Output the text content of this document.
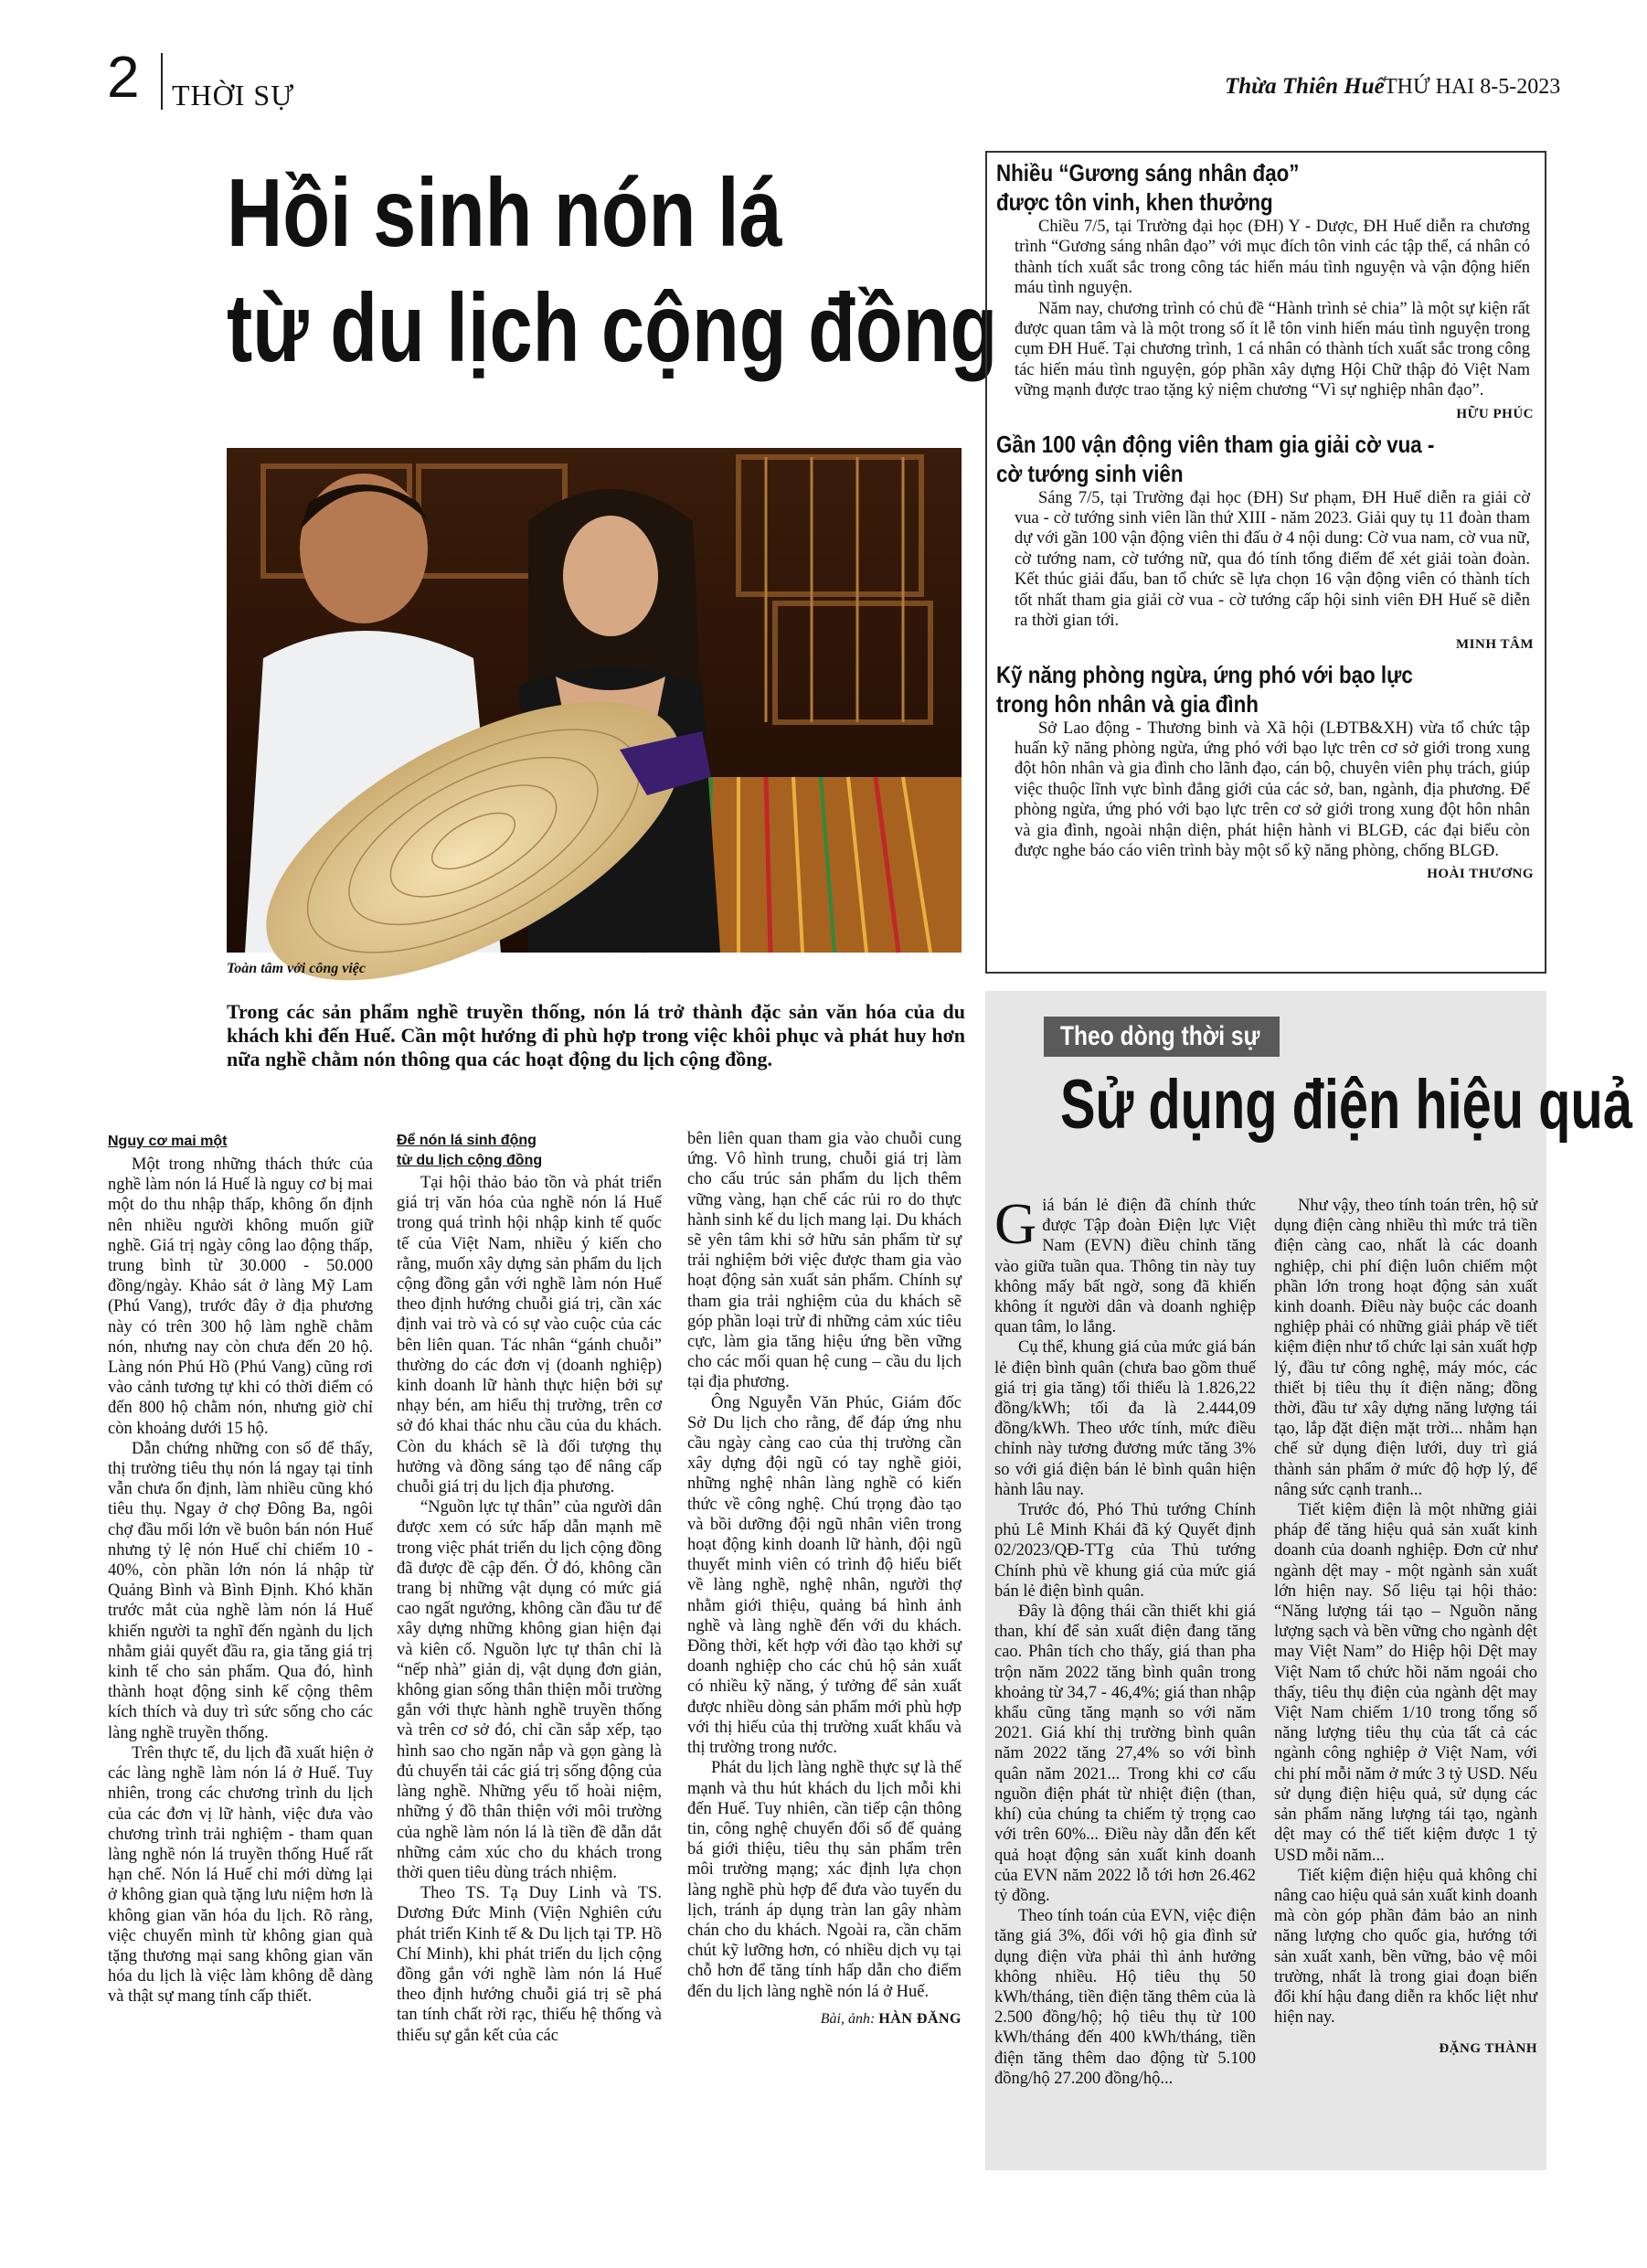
2 THỜI SỰ	Thừa Thiên Huế THỨ HAI 8-5-2023
Hồi sinh nón lá
từ du lịch cộng đồng
Toàn tâm với công việc
Trong các sản phẩm nghề truyền thống, nón lá trở thành đặc sản văn hóa của du khách khi đến Huế. Cần một hướng đi phù hợp trong việc khôi phục và phát huy hơn nữa nghề chằm nón thông qua các hoạt động du lịch cộng đồng.
Nguy cơ mai một

Một trong những thách thức của nghề làm nón lá Huế là nguy cơ bị mai một do thu nhập thấp, không ổn định nên nhiều người không muốn giữ nghề. Giá trị ngày công lao động thấp, trung bình từ 30.000 - 50.000 đồng/ngày. Khảo sát ở làng Mỹ Lam (Phú Vang), trước đây ở địa phương này có trên 300 hộ làm nghề chằm nón, nhưng nay còn chưa đến 20 hộ. Làng nón Phú Hồ (Phú Vang) cũng rơi vào cảnh tương tự khi có thời điểm có đến 800 hộ chằm nón, nhưng giờ chỉ còn khoảng dưới 15 hộ.

Dẫn chứng những con số để thấy, thị trường tiêu thụ nón lá ngay tại tỉnh vẫn chưa ổn định, làm nhiều cũng khó tiêu thụ. Ngay ở chợ Đông Ba, ngôi chợ đầu mối lớn về buôn bán nón Huế nhưng tỷ lệ nón Huế chỉ chiếm 10 - 40%, còn phần lớn nón lá nhập từ Quảng Bình và Bình Định. Khó khăn trước mắt của nghề làm nón lá Huế khiến người ta nghĩ đến ngành du lịch nhằm giải quyết đầu ra, gia tăng giá trị kinh tế cho sản phẩm. Qua đó, hình thành hoạt động sinh kế cộng thêm kích thích và duy trì sức sống cho các làng nghề truyền thống.

Trên thực tế, du lịch đã xuất hiện ở các làng nghề làm nón lá ở Huế. Tuy nhiên, trong các chương trình du lịch của các đơn vị lữ hành, việc đưa vào chương trình trải nghiệm - tham quan làng nghề nón lá truyền thống Huế rất hạn chế. Nón lá Huế chỉ mới dừng lại ở không gian quà tặng lưu niệm hơn là không gian văn hóa du lịch. Rõ ràng, việc chuyển mình từ không gian quà tặng thương mại sang không gian văn hóa du lịch là việc làm không dễ dàng và thật sự mang tính cấp thiết.

Để nón lá sinh động
từ du lịch cộng đồng

Tại hội thảo bảo tồn và phát triển giá trị văn hóa của nghề nón lá Huế trong quá trình hội nhập kinh tế quốc tế của Việt Nam, nhiều ý kiến cho rằng, muốn xây dựng sản phẩm du lịch cộng đồng gắn với nghề làm nón Huế theo định hướng chuỗi giá trị, cần xác định vai trò và có sự vào cuộc của các bên liên quan. Tác nhân “gánh chuỗi” thường do các đơn vị (doanh nghiệp) kinh doanh lữ hành thực hiện bởi sự nhạy bén, am hiểu thị trường, trên cơ sở đó khai thác nhu cầu của du khách. Còn du khách sẽ là đối tượng thụ hưởng và đồng sáng tạo để nâng cấp chuỗi giá trị du lịch địa phương.

“Nguồn lực tự thân” của người dân được xem có sức hấp dẫn mạnh mẽ trong việc phát triển du lịch cộng đồng đã được đề cập đến. Ở đó, không cần trang bị những vật dụng có mức giá cao ngất ngưởng, không cần đầu tư để xây dựng những không gian hiện đại và kiên cố. Nguồn lực tự thân chỉ là “nếp nhà” giản dị, vật dụng đơn giản, không gian sống thân thiện mỗi trường gắn với thực hành nghề truyền thống và trên cơ sở đó, chỉ cần sắp xếp, tạo hình sao cho ngăn nắp và gọn gàng là đủ chuyển tải các giá trị sống động của làng nghề. Những yếu tố hoài niệm, những ý đồ thân thiện với môi trường của nghề làm nón lá là tiền đề dẫn dắt những cảm xúc cho du khách trong thời quen tiêu dùng trách nhiệm.

Theo TS. Tạ Duy Linh và TS. Dương Đức Minh (Viện Nghiên cứu phát triển Kinh tế & Du lịch tại TP. Hồ Chí Minh), khi phát triển du lịch cộng đồng gắn với nghề làm nón lá Huế theo định hướng chuỗi giá trị sẽ phá tan tính chất rời rạc, thiếu hệ thống và thiếu sự gắn kết của các

bên liên quan tham gia vào chuỗi cung ứng. Vô hình trung, chuỗi giá trị làm cho cấu trúc sản phẩm du lịch thêm vững vàng, hạn chế các rủi ro do thực hành sinh kế du lịch mang lại. Du khách sẽ yên tâm khi sở hữu sản phẩm từ sự trải nghiệm bởi việc được tham gia vào hoạt động sản xuất sản phẩm. Chính sự tham gia trải nghiệm của du khách sẽ góp phần loại trừ đi những cảm xúc tiêu cực, làm gia tăng hiệu ứng bền vững cho các mối quan hệ cung – cầu du lịch tại địa phương.

Ông Nguyễn Văn Phúc, Giám đốc Sở Du lịch cho rằng, để đáp ứng nhu cầu ngày càng cao của thị trường cần xây dựng đội ngũ có tay nghề giỏi, những nghệ nhân làng nghề có kiến thức về công nghệ. Chú trọng đào tạo và bồi dưỡng đội ngũ nhân viên trong hoạt động kinh doanh lữ hành, đội ngũ thuyết minh viên có trình độ hiểu biết về làng nghề, nghệ nhân, người thợ nhằm giới thiệu, quảng bá hình ảnh nghề và làng nghề đến với du khách. Đồng thời, kết hợp với đào tạo khởi sự doanh nghiệp cho các chủ hộ sản xuất có nhiều kỹ năng, ý tưởng để sản xuất được nhiều dòng sản phẩm mới phù hợp với thị hiếu của thị trường xuất khẩu và thị trường trong nước.

Phát du lịch làng nghề thực sự là thế mạnh và thu hút khách du lịch mỗi khi đến Huế. Tuy nhiên, cần tiếp cận thông tin, công nghệ chuyển đổi số để quảng bá giới thiệu, tiêu thụ sản phẩm trên môi trường mạng; xác định lựa chọn làng nghề phù hợp để đưa vào tuyến du lịch, tránh áp dụng tràn lan gây nhàm chán cho du khách. Ngoài ra, cần chăm chút kỹ lưỡng hơn, có nhiều dịch vụ tại chỗ hơn để tăng tính hấp dẫn cho điểm đến du lịch làng nghề nón lá ở Huế.

Bài, ảnh: HÀN ĐĂNG
Nhiều “Gương sáng nhân đạo”
được tôn vinh, khen thưởng

Chiều 7/5, tại Trường đại học (ĐH) Y - Dược, ĐH Huế diễn ra chương trình “Gương sáng nhân đạo” với mục đích tôn vinh các tập thể, cá nhân có thành tích xuất sắc trong công tác hiến máu tình nguyện và vận động hiến máu tình nguyện.

Năm nay, chương trình có chủ đề “Hành trình sẻ chia” là một sự kiện rất được quan tâm và là một trong số ít lễ tôn vinh hiến máu tình nguyện trong cụm ĐH Huế. Tại chương trình, 1 cá nhân có thành tích xuất sắc trong công tác hiến máu tình nguyện, góp phần xây dựng Hội Chữ thập đỏ Việt Nam vững mạnh được trao tặng kỷ niệm chương “Vì sự nghiệp nhân đạo”.

HỮU PHÚC
Gần 100 vận động viên tham gia giải cờ vua -
cờ tướng sinh viên

Sáng 7/5, tại Trường đại học (ĐH) Sư phạm, ĐH Huế diễn ra giải cờ vua - cờ tướng sinh viên lần thứ XIII - năm 2023. Giải quy tụ 11 đoàn tham dự với gần 100 vận động viên thi đấu ở 4 nội dung: Cờ vua nam, cờ vua nữ, cờ tướng nam, cờ tướng nữ, qua đó tính tổng điểm để xét giải toàn đoàn. Kết thúc giải đấu, ban tổ chức sẽ lựa chọn 16 vận động viên có thành tích tốt nhất tham gia giải cờ vua - cờ tướng cấp hội sinh viên ĐH Huế sẽ diễn ra thời gian tới.

MINH TÂM
Kỹ năng phòng ngừa, ứng phó với bạo lực
trong hôn nhân và gia đình

Sở Lao động - Thương binh và Xã hội (LĐTB&XH) vừa tổ chức tập huấn kỹ năng phòng ngừa, ứng phó với bạo lực trên cơ sở giới trong xung đột hôn nhân và gia đình cho lãnh đạo, cán bộ, chuyên viên phụ trách, giúp việc thuộc lĩnh vực bình đẳng giới của các sở, ban, ngành, địa phương. Để phòng ngừa, ứng phó với bạo lực trên cơ sở giới trong xung đột hôn nhân và gia đình, ngoài nhận diện, phát hiện hành vi BLGĐ, các đại biểu còn được nghe báo cáo viên trình bày một số kỹ năng phòng, chống BLGĐ.

HOÀI THƯƠNG
Theo dòng thời sự
Sử dụng điện hiệu quả

Giá bán lẻ điện đã chính thức được Tập đoàn Điện lực Việt Nam (EVN) điều chỉnh tăng vào giữa tuần qua. Thông tin này tuy không mấy bất ngờ, song đã khiến không ít người dân và doanh nghiệp quan tâm, lo lắng.

Cụ thể, khung giá của mức giá bán lẻ điện bình quân (chưa bao gồm thuế giá trị gia tăng) tối thiểu là 1.826,22 đồng/kWh; tối đa là 2.444,09 đồng/kWh. Theo ước tính, mức điều chỉnh này tương đương mức tăng 3% so với giá điện bán lẻ bình quân hiện hành lâu nay.

Trước đó, Phó Thủ tướng Chính phủ Lê Minh Khái đã ký Quyết định 02/2023/QĐ-TTg của Thủ tướng Chính phủ về khung giá của mức giá bán lẻ điện bình quân.

Đây là động thái cần thiết khi giá than, khí để sản xuất điện đang tăng cao. Phân tích cho thấy, giá than pha trộn năm 2022 tăng bình quân trong khoảng từ 34,7 - 46,4%; giá than nhập khẩu cũng tăng mạnh so với năm 2021. Giá khí thị trường bình quân năm 2022 tăng 27,4% so với bình quân năm 2021... Trong khi cơ cấu nguồn điện phát từ nhiệt điện (than, khí) của chúng ta chiếm tỷ trọng cao với trên 60%... Điều này dẫn đến kết quả hoạt động sản xuất kinh doanh của EVN năm 2022 lỗ tới hơn 26.462 tỷ đồng.

Theo tính toán của EVN, việc điện tăng giá 3%, đối với hộ gia đình sử dụng điện vừa phải thì ảnh hưởng không nhiều. Hộ tiêu thụ 50 kWh/tháng, tiền điện tăng thêm của là 2.500 đồng/hộ; hộ tiêu thụ từ 100 kWh/tháng đến 400 kWh/tháng, tiền điện tăng thêm dao động từ 5.100 đồng/hộ 27.200 đồng/hộ...

Như vậy, theo tính toán trên, hộ sử dụng điện càng nhiều thì mức trả tiền điện càng cao, nhất là các doanh nghiệp, chi phí điện luôn chiếm một phần lớn trong hoạt động sản xuất kinh doanh. Điều này buộc các doanh nghiệp phải có những giải pháp về tiết kiệm điện như tổ chức lại sản xuất hợp lý, đầu tư công nghệ, máy móc, các thiết bị tiêu thụ ít điện năng; đồng thời, đầu tư xây dựng năng lượng tái tạo, lắp đặt điện mặt trời... nhằm hạn chế sử dụng điện lưới, duy trì giá thành sản phẩm ở mức độ hợp lý, để nâng sức cạnh tranh...

Tiết kiệm điện là một những giải pháp để tăng hiệu quả sản xuất kinh doanh của doanh nghiệp. Đơn cử như ngành dệt may - một ngành sản xuất lớn hiện nay. Số liệu tại hội thảo: “Năng lượng tái tạo – Nguồn năng lượng sạch và bền vững cho ngành dệt may Việt Nam” do Hiệp hội Dệt may Việt Nam tổ chức hồi năm ngoái cho thấy, tiêu thụ điện của ngành dệt may Việt Nam chiếm 1/10 trong tổng số năng lượng tiêu thụ của tất cả các ngành công nghiệp ở Việt Nam, với chi phí mỗi năm ở mức 3 tỷ USD. Nếu sử dụng điện hiệu quả, sử dụng các sản phẩm năng lượng tái tạo, ngành dệt may có thể tiết kiệm được 1 tỷ USD mỗi năm...

Tiết kiệm điện hiệu quả không chỉ nâng cao hiệu quả sản xuất kinh doanh mà còn góp phần đảm bảo an ninh năng lượng cho quốc gia, hướng tới sản xuất xanh, bền vững, bảo vệ môi trường, nhất là trong giai đoạn biến đổi khí hậu đang diễn ra khốc liệt như hiện nay.

ĐẶNG THÀNH
